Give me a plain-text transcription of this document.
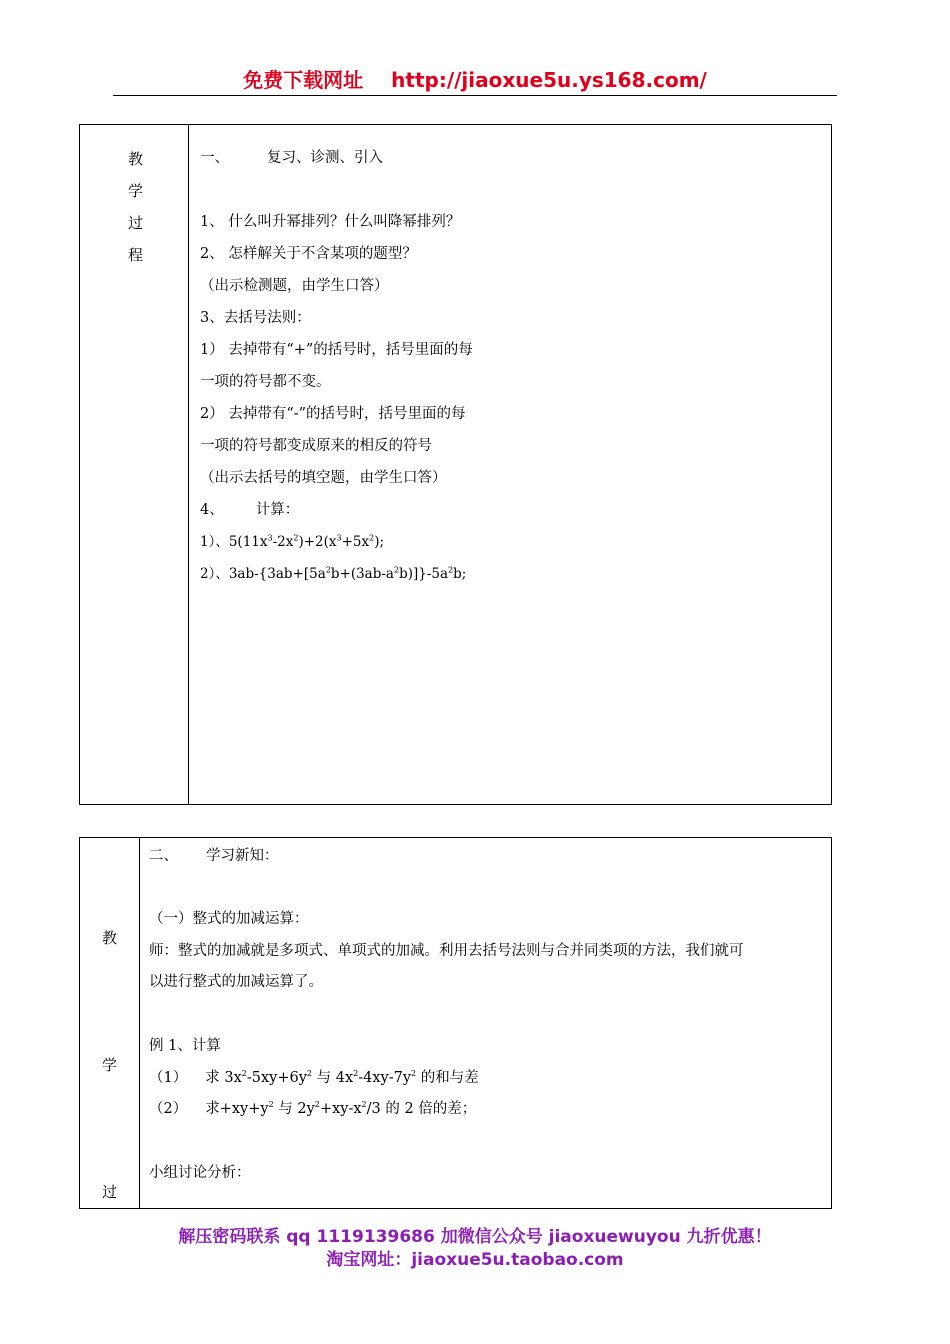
免费下载网址 http://jiaoxue5u.ys168.com/
教
学
过
程
一、	复习、诊测、引入
1、 什么叫升幂排列？什么叫降幂排列？
2、 怎样解关于不含某项的题型？
（出示检测题，由学生口答）
3、去括号法则：
1） 去掉带有“+”的括号时，括号里面的每
一项的符号都不变。
2） 去掉带有“-”的括号时，括号里面的每
一项的符号都变成原来的相反的符号
（出示去括号的填空题，由学生口答）
4、 计算：
1）、$5(11x^3-2x^2)+2(x^3+5x^2)$;
2）、$3ab-\{3ab+[5a^2b+(3ab-a^2b)]\}-5a^2b$;
教
学
过
二、 学习新知：
（一）整式的加减运算：
师：整式的加减就是多项式、单项式的加减。利用去括号法则与合并同类项的方法，我们就可
以进行整式的加减运算了。
例 1、计算
（1） 求 $3x^2-5xy+6y^2$ 与 $4x^2-4xy-7y^2$ 的和与差
（2） 求$+xy+y^2$ 与 $2y^2+xy-x^2/3$ 的 2 倍的差；
小组讨论分析：
解压密码联系 qq 1119139686 加微信公众号 jiaoxuewuyou 九折优惠！
淘宝网址：jiaoxue5u.taobao.com
